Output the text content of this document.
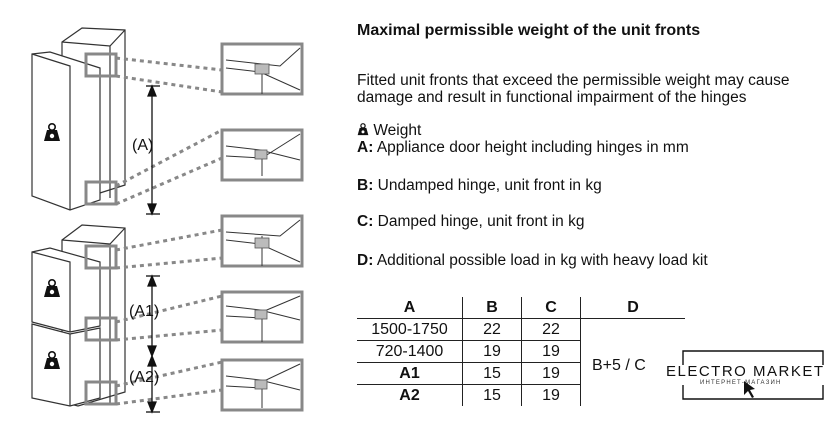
(A)
(A1)
(A2)
Maximal permissible weight of the unit fronts
Fitted unit fronts that exceed the permissible weight may cause damage and result in functional impairment of the hinges
Weight
A: Appliance door height including hinges in mm
B: Undamped hinge, unit front in kg
C: Damped hinge, unit front in kg
D: Additional possible load in kg with heavy load kit
A	B	C	D
1500-1750	22	22	
720-1400	19	19	
A1	15	19	
A2	15	19	
B+5 / C ELECTRO MARKET
ИНТЕРНЕТ-МАГАЗИН
